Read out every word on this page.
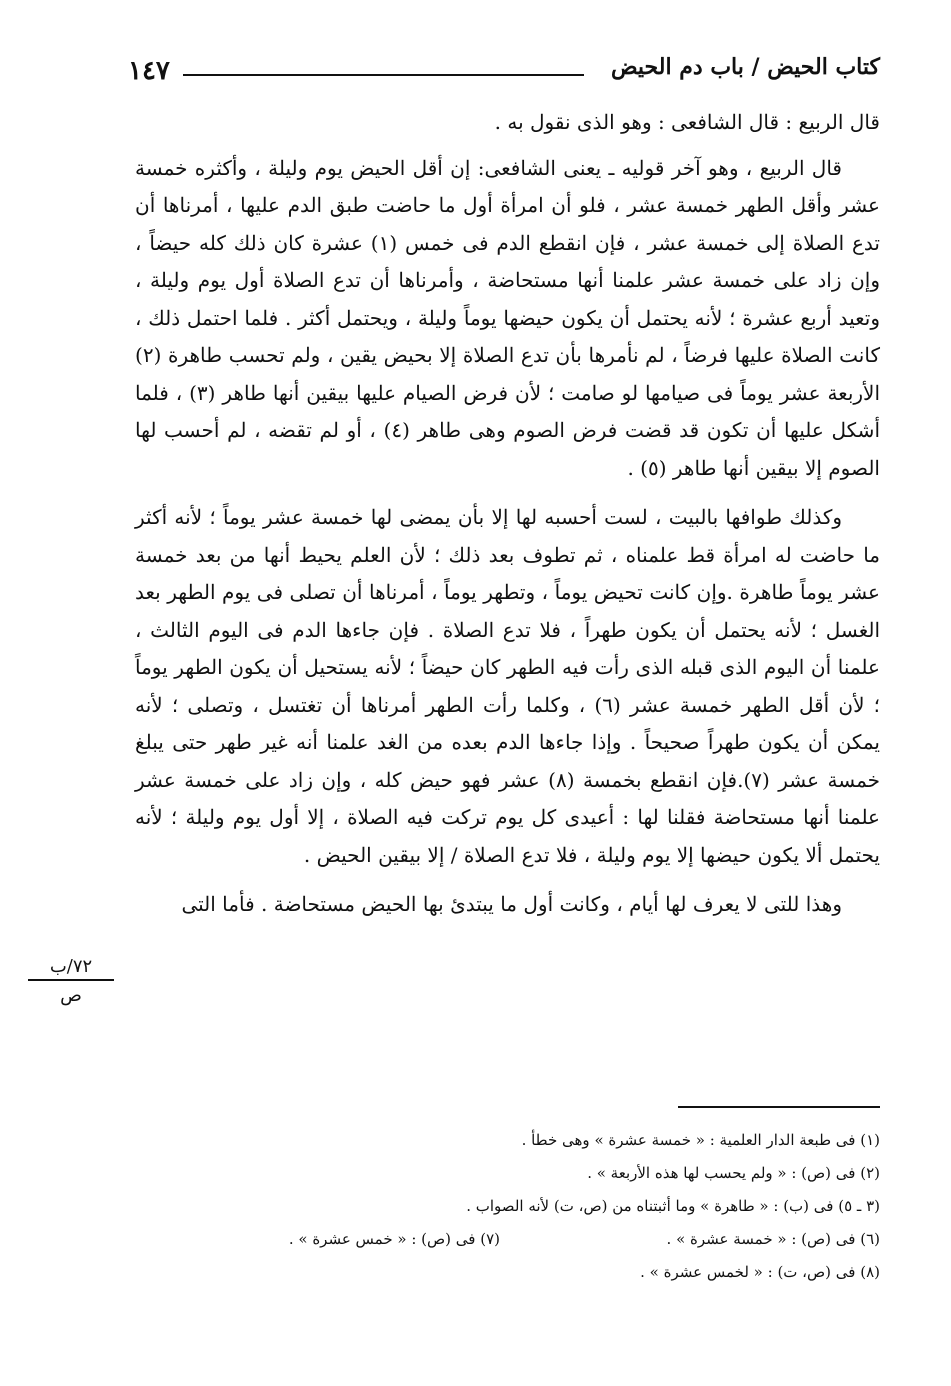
كتاب الحيض / باب دم الحيض
١٤٧

قال الربيع : قال الشافعى : وهو الذى نقول به .

قال الربيع ، وهو آخر قوليه ـ يعنى الشافعى: إن أقل الحيض يوم وليلة ، وأكثره خمسة عشر وأقل الطهر خمسة عشر ، فلو أن امرأة أول ما حاضت طبق الدم عليها ، أمرناها أن تدع الصلاة إلى خمسة عشر ، فإن انقطع الدم فى خمس (١) عشرة كان ذلك كله حيضاً ، وإن زاد على خمسة عشر علمنا أنها مستحاضة ، وأمرناها أن تدع الصلاة أول يوم وليلة ، وتعيد أربع عشرة ؛ لأنه يحتمل أن يكون حيضها يوماً وليلة ، ويحتمل أكثر . فلما احتمل ذلك ، كانت الصلاة عليها فرضاً ، لم نأمرها بأن تدع الصلاة إلا بحيض يقين ، ولم تحسب طاهرة (٢) الأربعة عشر يوماً فى صيامها لو صامت ؛ لأن فرض الصيام عليها بيقين أنها طاهر (٣) ، فلما أشكل عليها أن تكون قد قضت فرض الصوم وهى طاهر (٤) ، أو لم تقضه ، لم أحسب لها الصوم إلا بيقين أنها طاهر (٥) .

وكذلك طوافها بالبيت ، لست أحسبه لها إلا بأن يمضى لها خمسة عشر يوماً ؛ لأنه أكثر ما حاضت له امرأة قط علمناه ، ثم تطوف بعد ذلك ؛ لأن العلم يحيط أنها من بعد خمسة عشر يوماً طاهرة .وإن كانت تحيض يوماً ، وتطهر يوماً ، أمرناها أن تصلى فى يوم الطهر بعد الغسل ؛ لأنه يحتمل أن يكون طهراً ، فلا تدع الصلاة . فإن جاءها الدم فى اليوم الثالث ، علمنا أن اليوم الذى قبله الذى رأت فيه الطهر كان حيضاً ؛ لأنه يستحيل أن يكون الطهر يوماً ؛ لأن أقل الطهر خمسة عشر (٦) ، وكلما رأت الطهر أمرناها أن تغتسل ، وتصلى ؛ لأنه يمكن أن يكون طهراً صحيحاً . وإذا جاءها الدم بعده من الغد علمنا أنه غير طهر حتى يبلغ خمسة عشر (٧).فإن انقطع بخمسة (٨) عشر فهو حيض كله ، وإن زاد على خمسة عشر علمنا أنها مستحاضة فقلنا لها : أعيدى كل يوم تركت فيه الصلاة ، إلا أول يوم وليلة ؛ لأنه يحتمل ألا يكون حيضها إلا يوم وليلة ، فلا تدع الصلاة / إلا بيقين الحيض .

وهذا للتى لا يعرف لها أيام ، وكانت أول ما يبتدئ بها الحيض مستحاضة . فأما التى

٧٢/ب
ص
(١) فى طبعة الدار العلمية : « خمسة عشرة » وهى خطأ .
(٢) فى (ص) : « ولم يحسب لها هذه الأربعة » .
(٣ ـ ٥) فى (ب) : « طاهرة » وما أثبتناه من (ص، ت) لأنه الصواب .
(٦) فى (ص) : « خمسة عشرة » .
(٧) فى (ص) : « خمس عشرة » .
(٨) فى (ص، ت) : « لخمس عشرة » .
